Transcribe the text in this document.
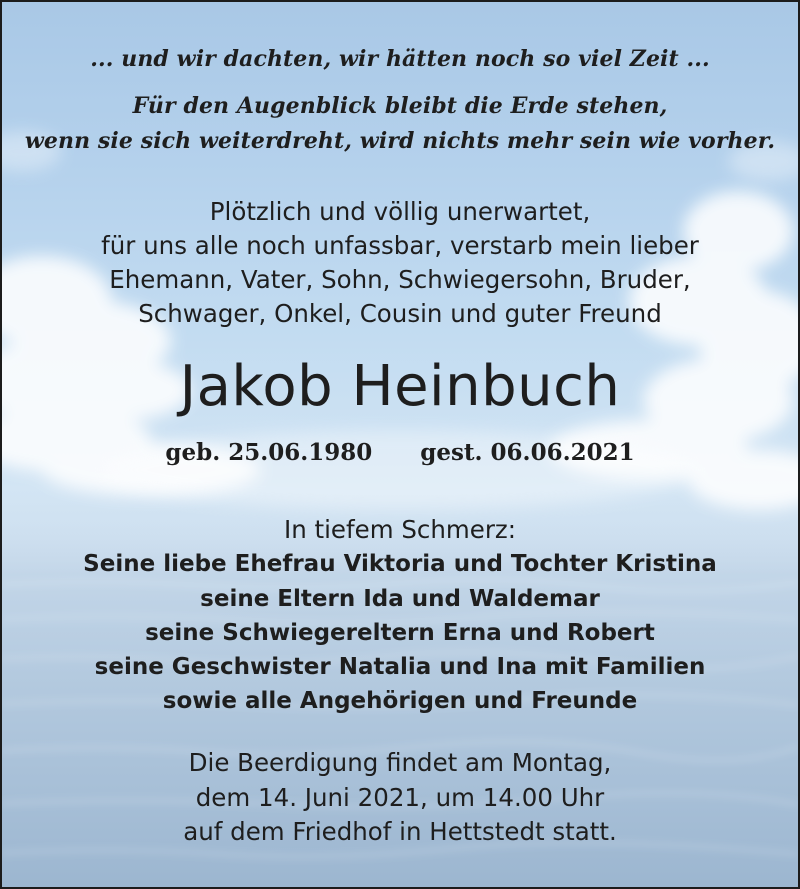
... und wir dachten, wir hätten noch so viel Zeit ...
Für den Augenblick bleibt die Erde stehen,
wenn sie sich weiterdreht, wird nichts mehr sein wie vorher.
Plötzlich und völlig unerwartet,
für uns alle noch unfassbar, verstarb mein lieber
Ehemann, Vater, Sohn, Schwiegersohn, Bruder,
Schwager, Onkel, Cousin und guter Freund
Jakob Heinbuch
geb. 25.06.1980 gest. 06.06.2021
In tiefem Schmerz:
Seine liebe Ehefrau Viktoria und Tochter Kristina
seine Eltern Ida und Waldemar
seine Schwiegereltern Erna und Robert
seine Geschwister Natalia und Ina mit Familien
sowie alle Angehörigen und Freunde
Die Beerdigung findet am Montag,
dem 14. Juni 2021, um 14.00 Uhr
auf dem Friedhof in Hettstedt statt.
